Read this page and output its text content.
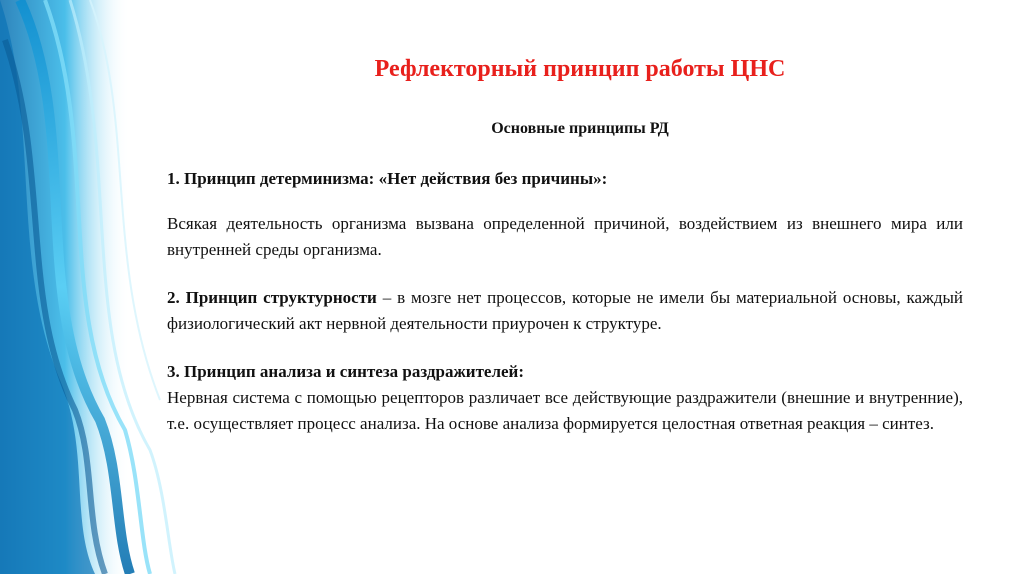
Рефлекторный принцип работы ЦНС
Основные принципы РД

1. Принцип детерминизма: «Нет действия без причины»:

Всякая деятельность организма вызвана определенной причиной, воздействием из внешнего мира или внутренней среды организма.

2. Принцип структурности – в мозге нет процессов, которые не имели бы материальной основы, каждый физиологический акт нервной деятельности приурочен к структуре.

3. Принцип анализа и синтеза раздражителей:

Нервная система с помощью рецепторов различает все действующие раздражители (внешние и внутренние), т.е. осуществляет процесс анализа. На основе анализа формируется целостная ответная реакция – синтез.
